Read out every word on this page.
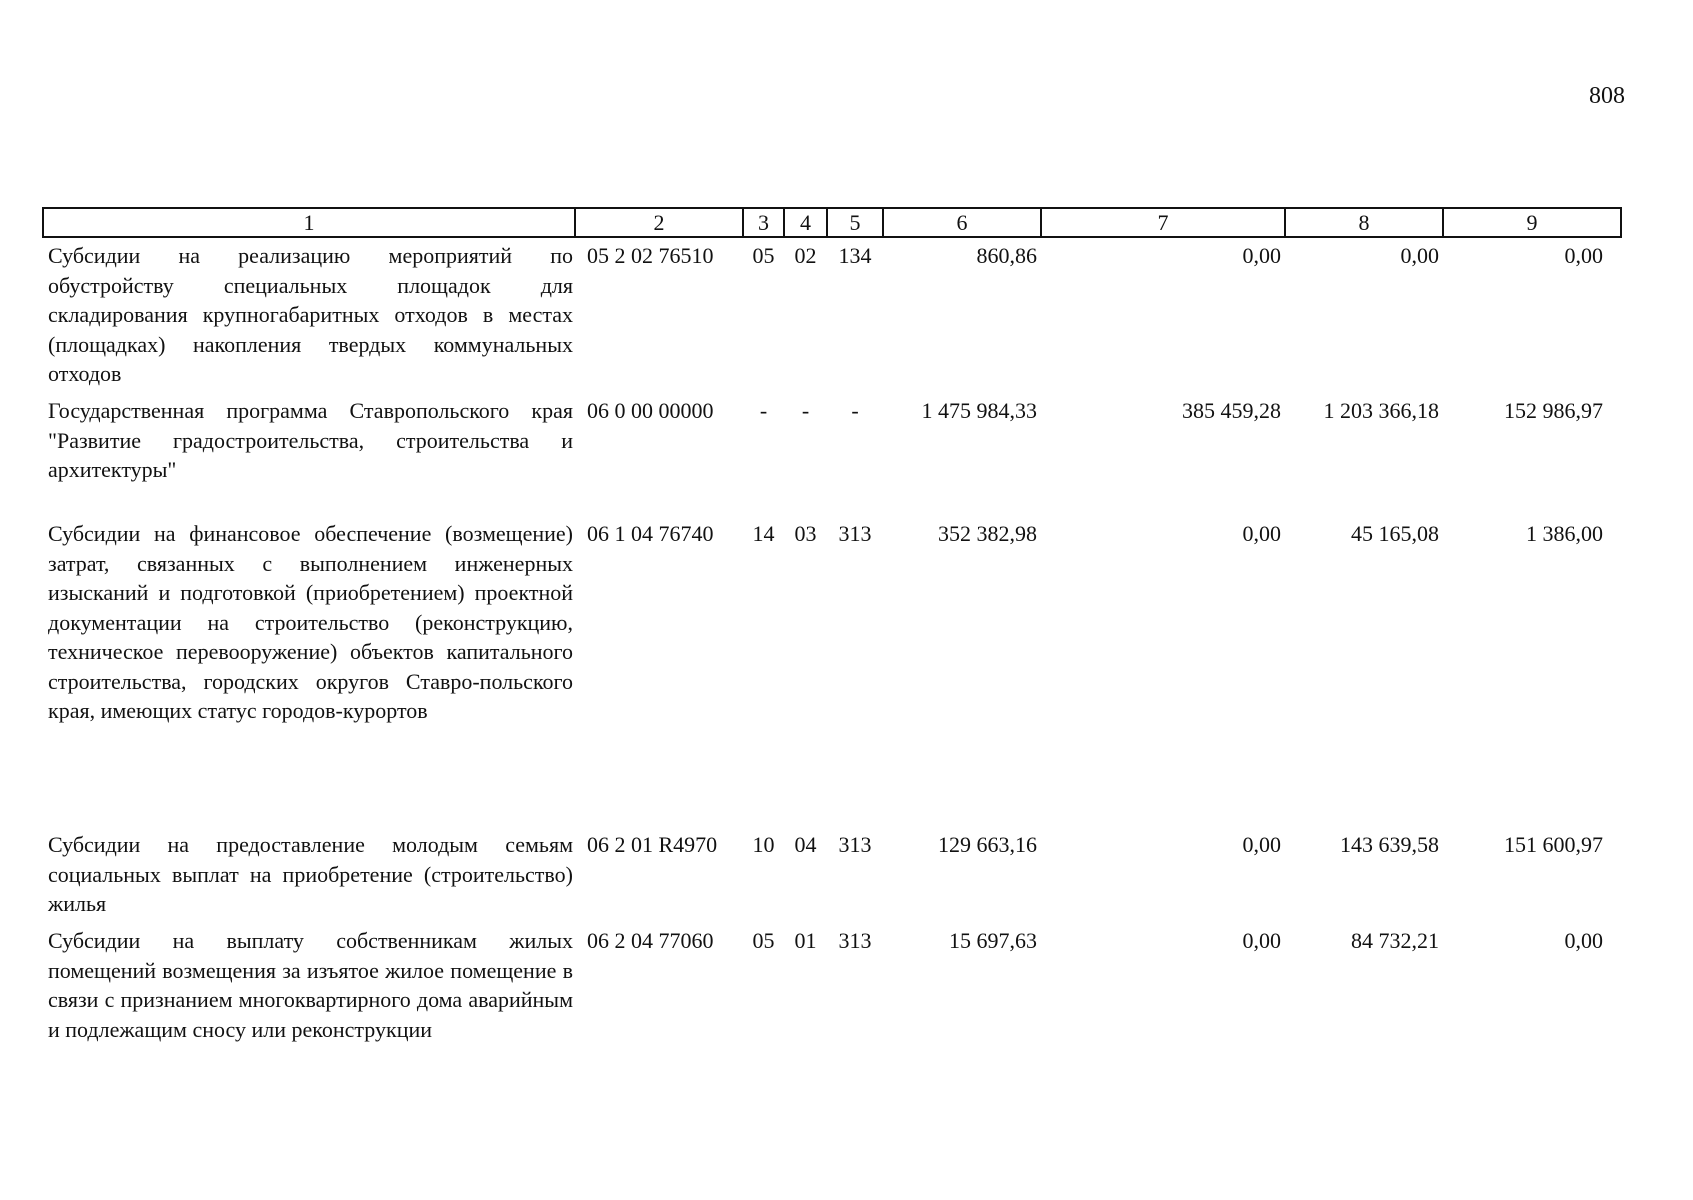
808
1	2	3	4	5	6	7	8	9
Субсидии на реализацию мероприятий по обустройству специальных площадок для складирования крупногабаритных отходов в местах (площадках) накопления твердых коммунальных отходов	05 2 02 76510	05	02	134	860,86	0,00	0,00	0,00
Государственная программа Ставропольского края "Развитие градостроительства, строительства и архитектуры"	06 0 00 00000	-	-	-	1 475 984,33	385 459,28	1 203 366,18	152 986,97
Субсидии на финансовое обеспечение (возмещение) затрат, связанных с выполнением инженерных изысканий и подготовкой (приобретением) проектной документации на строительство (реконструкцию, техническое перевооружение) объектов капитального строительства, городских округов Ставро-польского края, имеющих статус городов-курортов	06 1 04 76740	14	03	313	352 382,98	0,00	45 165,08	1 386,00
Субсидии на предоставление молодым семьям социальных выплат на приобретение (строительство) жилья	06 2 01 R4970	10	04	313	129 663,16	0,00	143 639,58	151 600,97
Субсидии на выплату собственникам жилых помещений возмещения за изъятое жилое помещение в связи с признанием многоквартирного дома аварийным и подлежащим сносу или реконструкции	06 2 04 77060	05	01	313	15 697,63	0,00	84 732,21	0,00
